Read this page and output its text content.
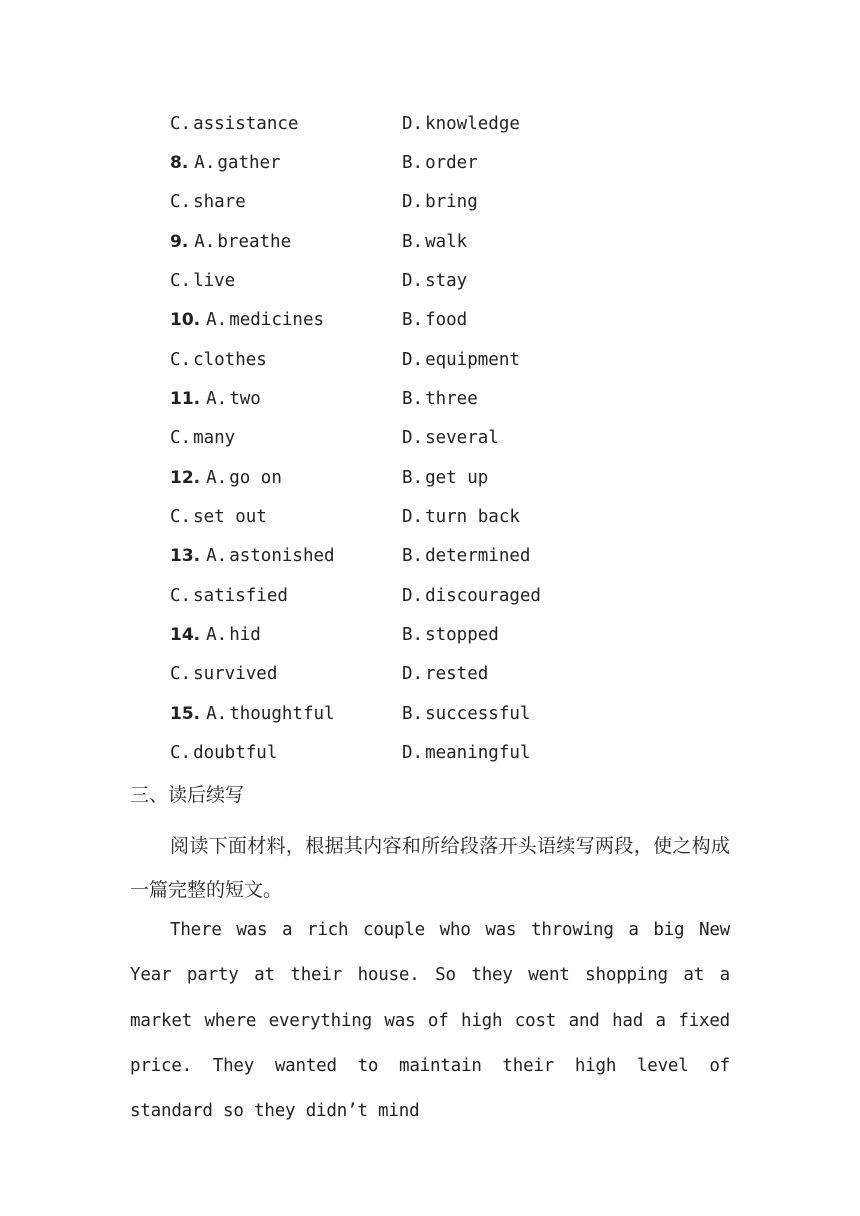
C. assistance	D. knowledge
8. A. gather	B. order
C. share	D. bring
9. A. breathe	B. walk
C. live	D. stay
10. A. medicines	B. food
C. clothes	D. equipment
11. A. two	B. three
C. many	D. several
12. A. go on	B. get up
C. set out	D. turn back
13. A. astonished	B. determined
C. satisfied	D. discouraged
14. A. hid	B. stopped
C. survived	D. rested
15. A. thoughtful	B. successful
C. doubtful	D. meaningful
三、读后续写

阅读下面材料，根据其内容和所给段落开头语续写两段，使之构成一篇完整的短文。

There was a rich couple who was throwing a big New Year party at their house. So they went shopping at a market where everything was of high cost and had a fixed price. They wanted to maintain their high level of standard so they didn’t mind
